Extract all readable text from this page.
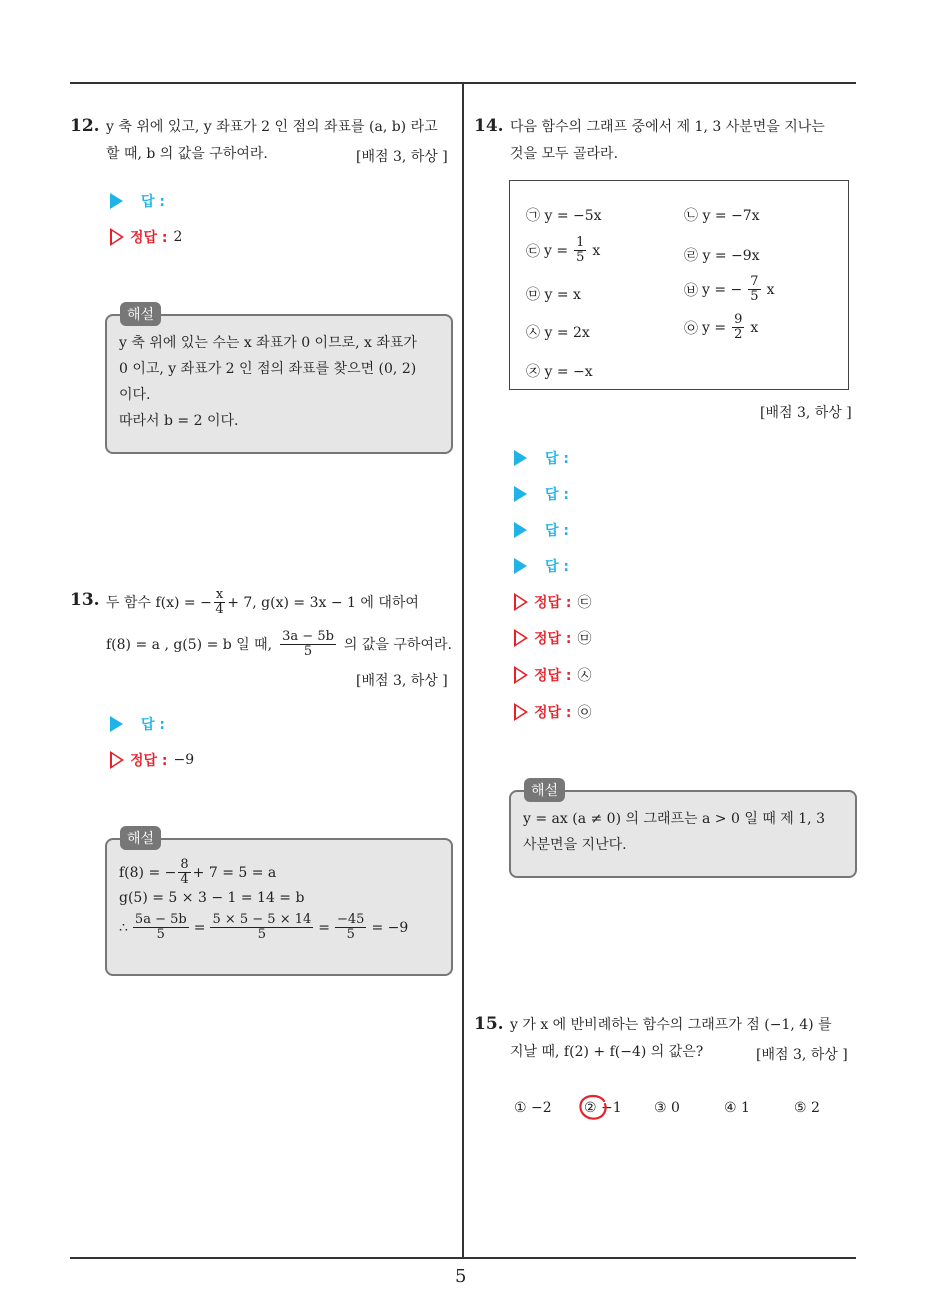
5
12. y 축 위에 있고, y 좌표가 2 인 점의 좌표를 (a, b) 라고
할 때, b 의 값을 구하여라.	[배점 3, 하상 ]
답 :
정답 : 2
y 축 위에 있는 수는 x 좌표가 0 이므로, x 좌표가
0 이고, y 좌표가 2 인 점의 좌표를 찾으면 (0, 2)
이다.
따라서 b = 2 이다.
해설
13. 두 함수 f(x) = − $\frac{x}{4} + 7$, g(x) = 3x − 1 에 대하여
f(8) = a , g(5) = b 일 때, $\frac{3a - 5b}{5}$ 의 값을 구하여라.
[배점 3, 하상 ]
답 :
정답 : −9
f(8) = − $\frac{8}{4} + 7 = 5 = a$
g(5) = 5 × 3 − 1 = 14 = b
∴ $\frac{5a - 5b}{5} = \frac{5 \times 5 - 5 \times 14}{5} = \frac{-45}{5} = -9$
해설
14. 다음 함수의 그래프 중에서 제 1, 3 사분면을 지나는
것을 모두 골라라.
㉠ y = −5x	㉡ y = −7x
㉢ $y = \frac{1}{5}$ x	㉣ y = −9x
㉤ y = x	㉥ y = − $\frac{7}{5}$ x
㉦ y = 2x	㉧ $y = \frac{9}{2}$ x
㉨ y = −x
[배점 3, 하상 ]
답 :
답 :
답 :
답 :
정답 : ㉢
정답 : ㉤
정답 : ㉦
정답 : ㉧
y = ax (a ≠ 0) 의 그래프는 a > 0 일 때 제 1, 3
사분면을 지난다.
해설
15. y 가 x 에 반비례하는 함수의 그래프가 점 (−1, 4) 를
지날 때, f(2) + f(−4) 의 값은?	[배점 3, 하상 ]
① −2 ② −1 ③ 0	④ 1	⑤ 2
